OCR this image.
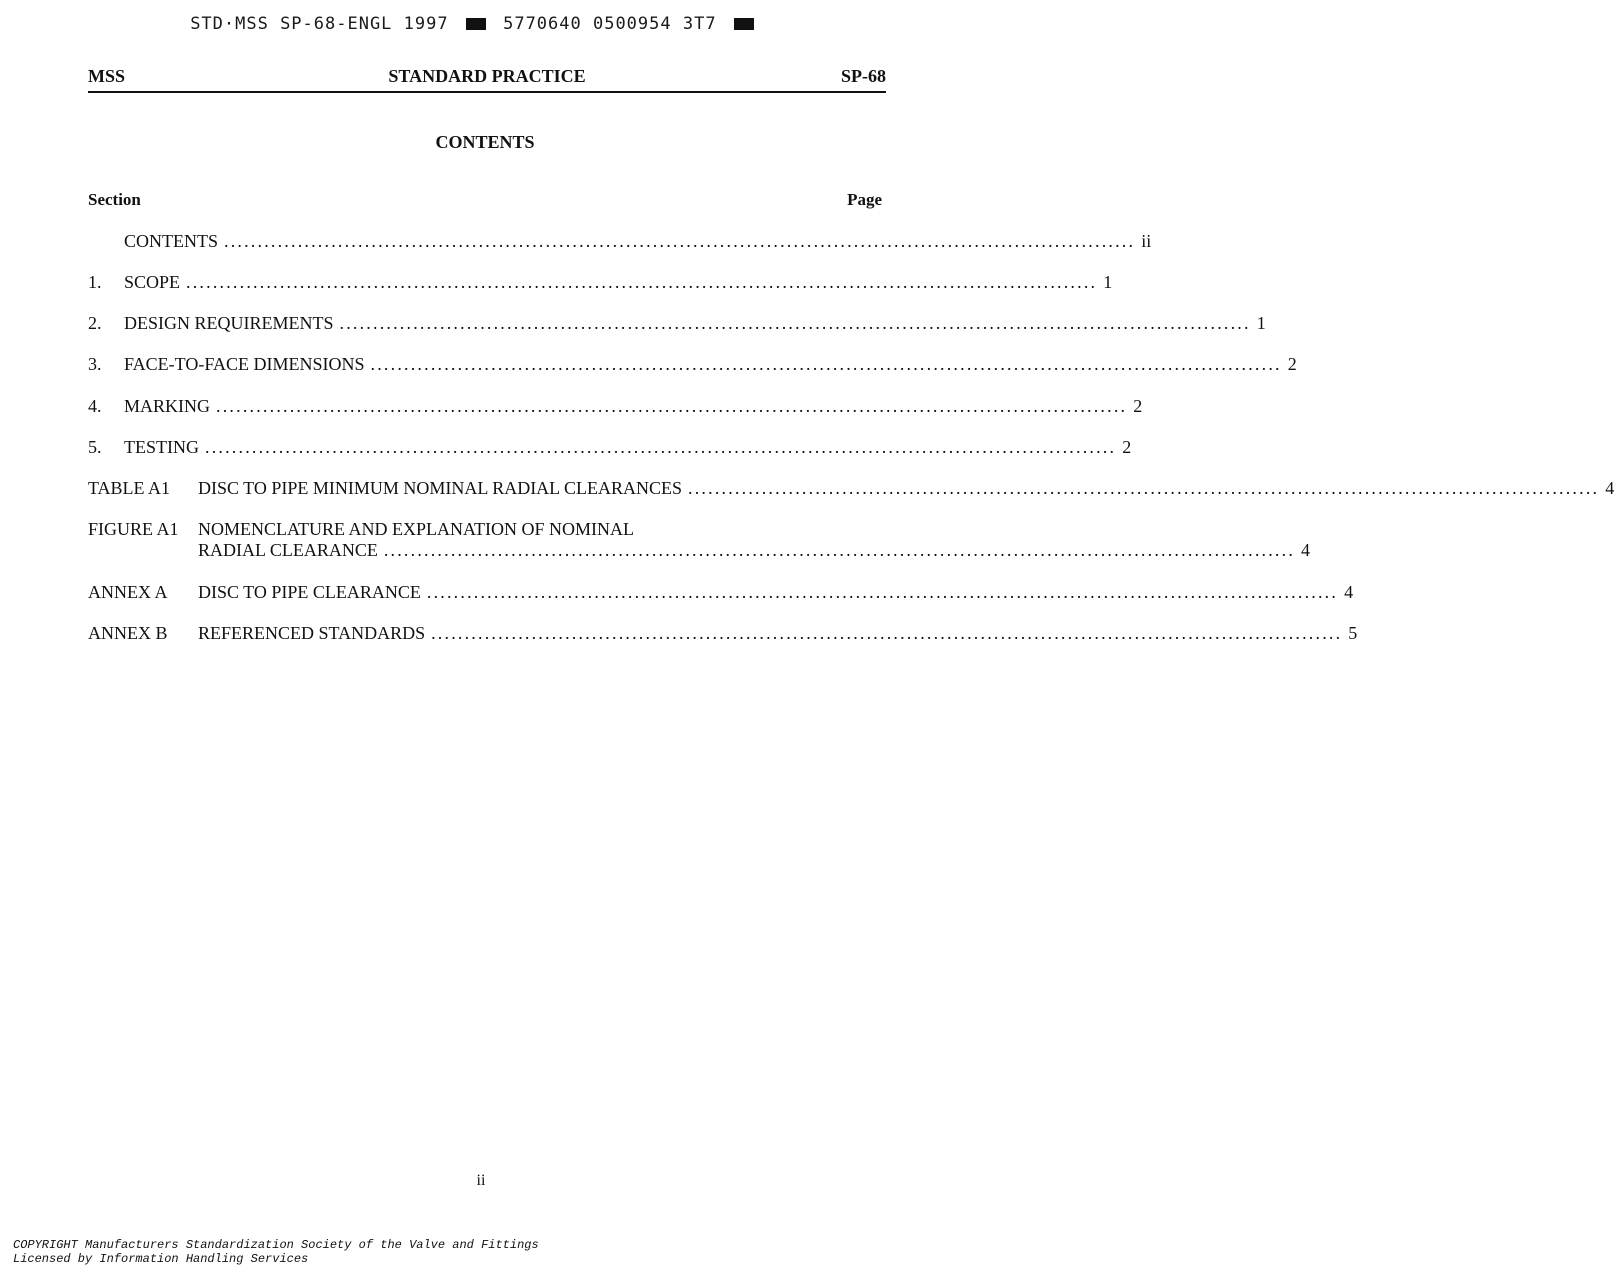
STD·MSS SP-68-ENGL 1997	5770640 0500954 3T7
STANDARD PRACTICE
MSS	SP-68
CONTENTS
Section	Page
CONTENTS ........................................................................................................................................ ii
1. SCOPE ........................................................................................................................................ 1
2. DESIGN REQUIREMENTS ........................................................................................................................................ 1
3. FACE-TO-FACE DIMENSIONS ........................................................................................................................................ 2
4. MARKING ........................................................................................................................................ 2
5. TESTING ........................................................................................................................................ 2
TABLE A1 DISC TO PIPE MINIMUM NOMINAL RADIAL CLEARANCES ........................................................................................................................................ 4
FIGURE A1 NOMENCLATURE AND EXPLANATION OF NOMINAL
RADIAL CLEARANCE ........................................................................................................................................ 4
ANNEX A DISC TO PIPE CLEARANCE ........................................................................................................................................ 4
ANNEX B REFERENCED STANDARDS ........................................................................................................................................ 5
ii
COPYRIGHT Manufacturers Standardization Society of the Valve and Fittings
Licensed by Information Handling Services
